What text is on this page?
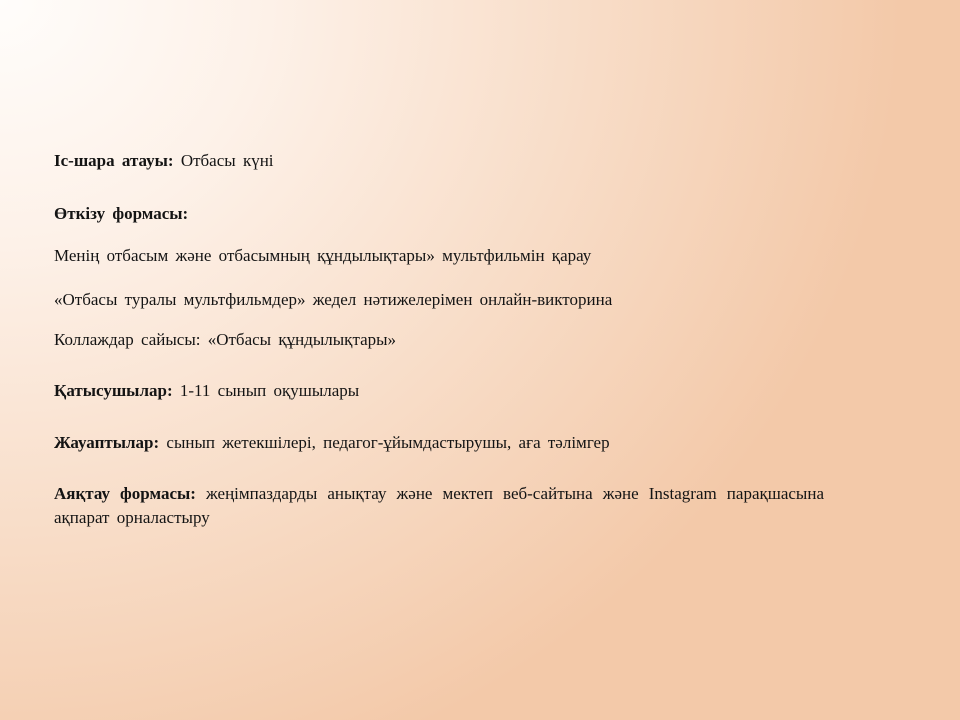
Іс-шара атауы: Отбасы күні
Өткізу формасы:
Менің отбасым және отбасымның құндылықтары» мультфильмін қарау
«Отбасы туралы мультфильмдер» жедел нәтижелерімен онлайн-викторина
Коллаждар сайысы: «Отбасы құндылықтары»
Қатысушылар: 1-11 сынып оқушылары
Жауаптылар: сынып жетекшілері, педагог-ұйымдастырушы, аға тәлімгер
Аяқтау формасы: жеңімпаздарды анықтау және мектеп веб-сайтына және Instagram парақшасына ақпарат орналастыру
